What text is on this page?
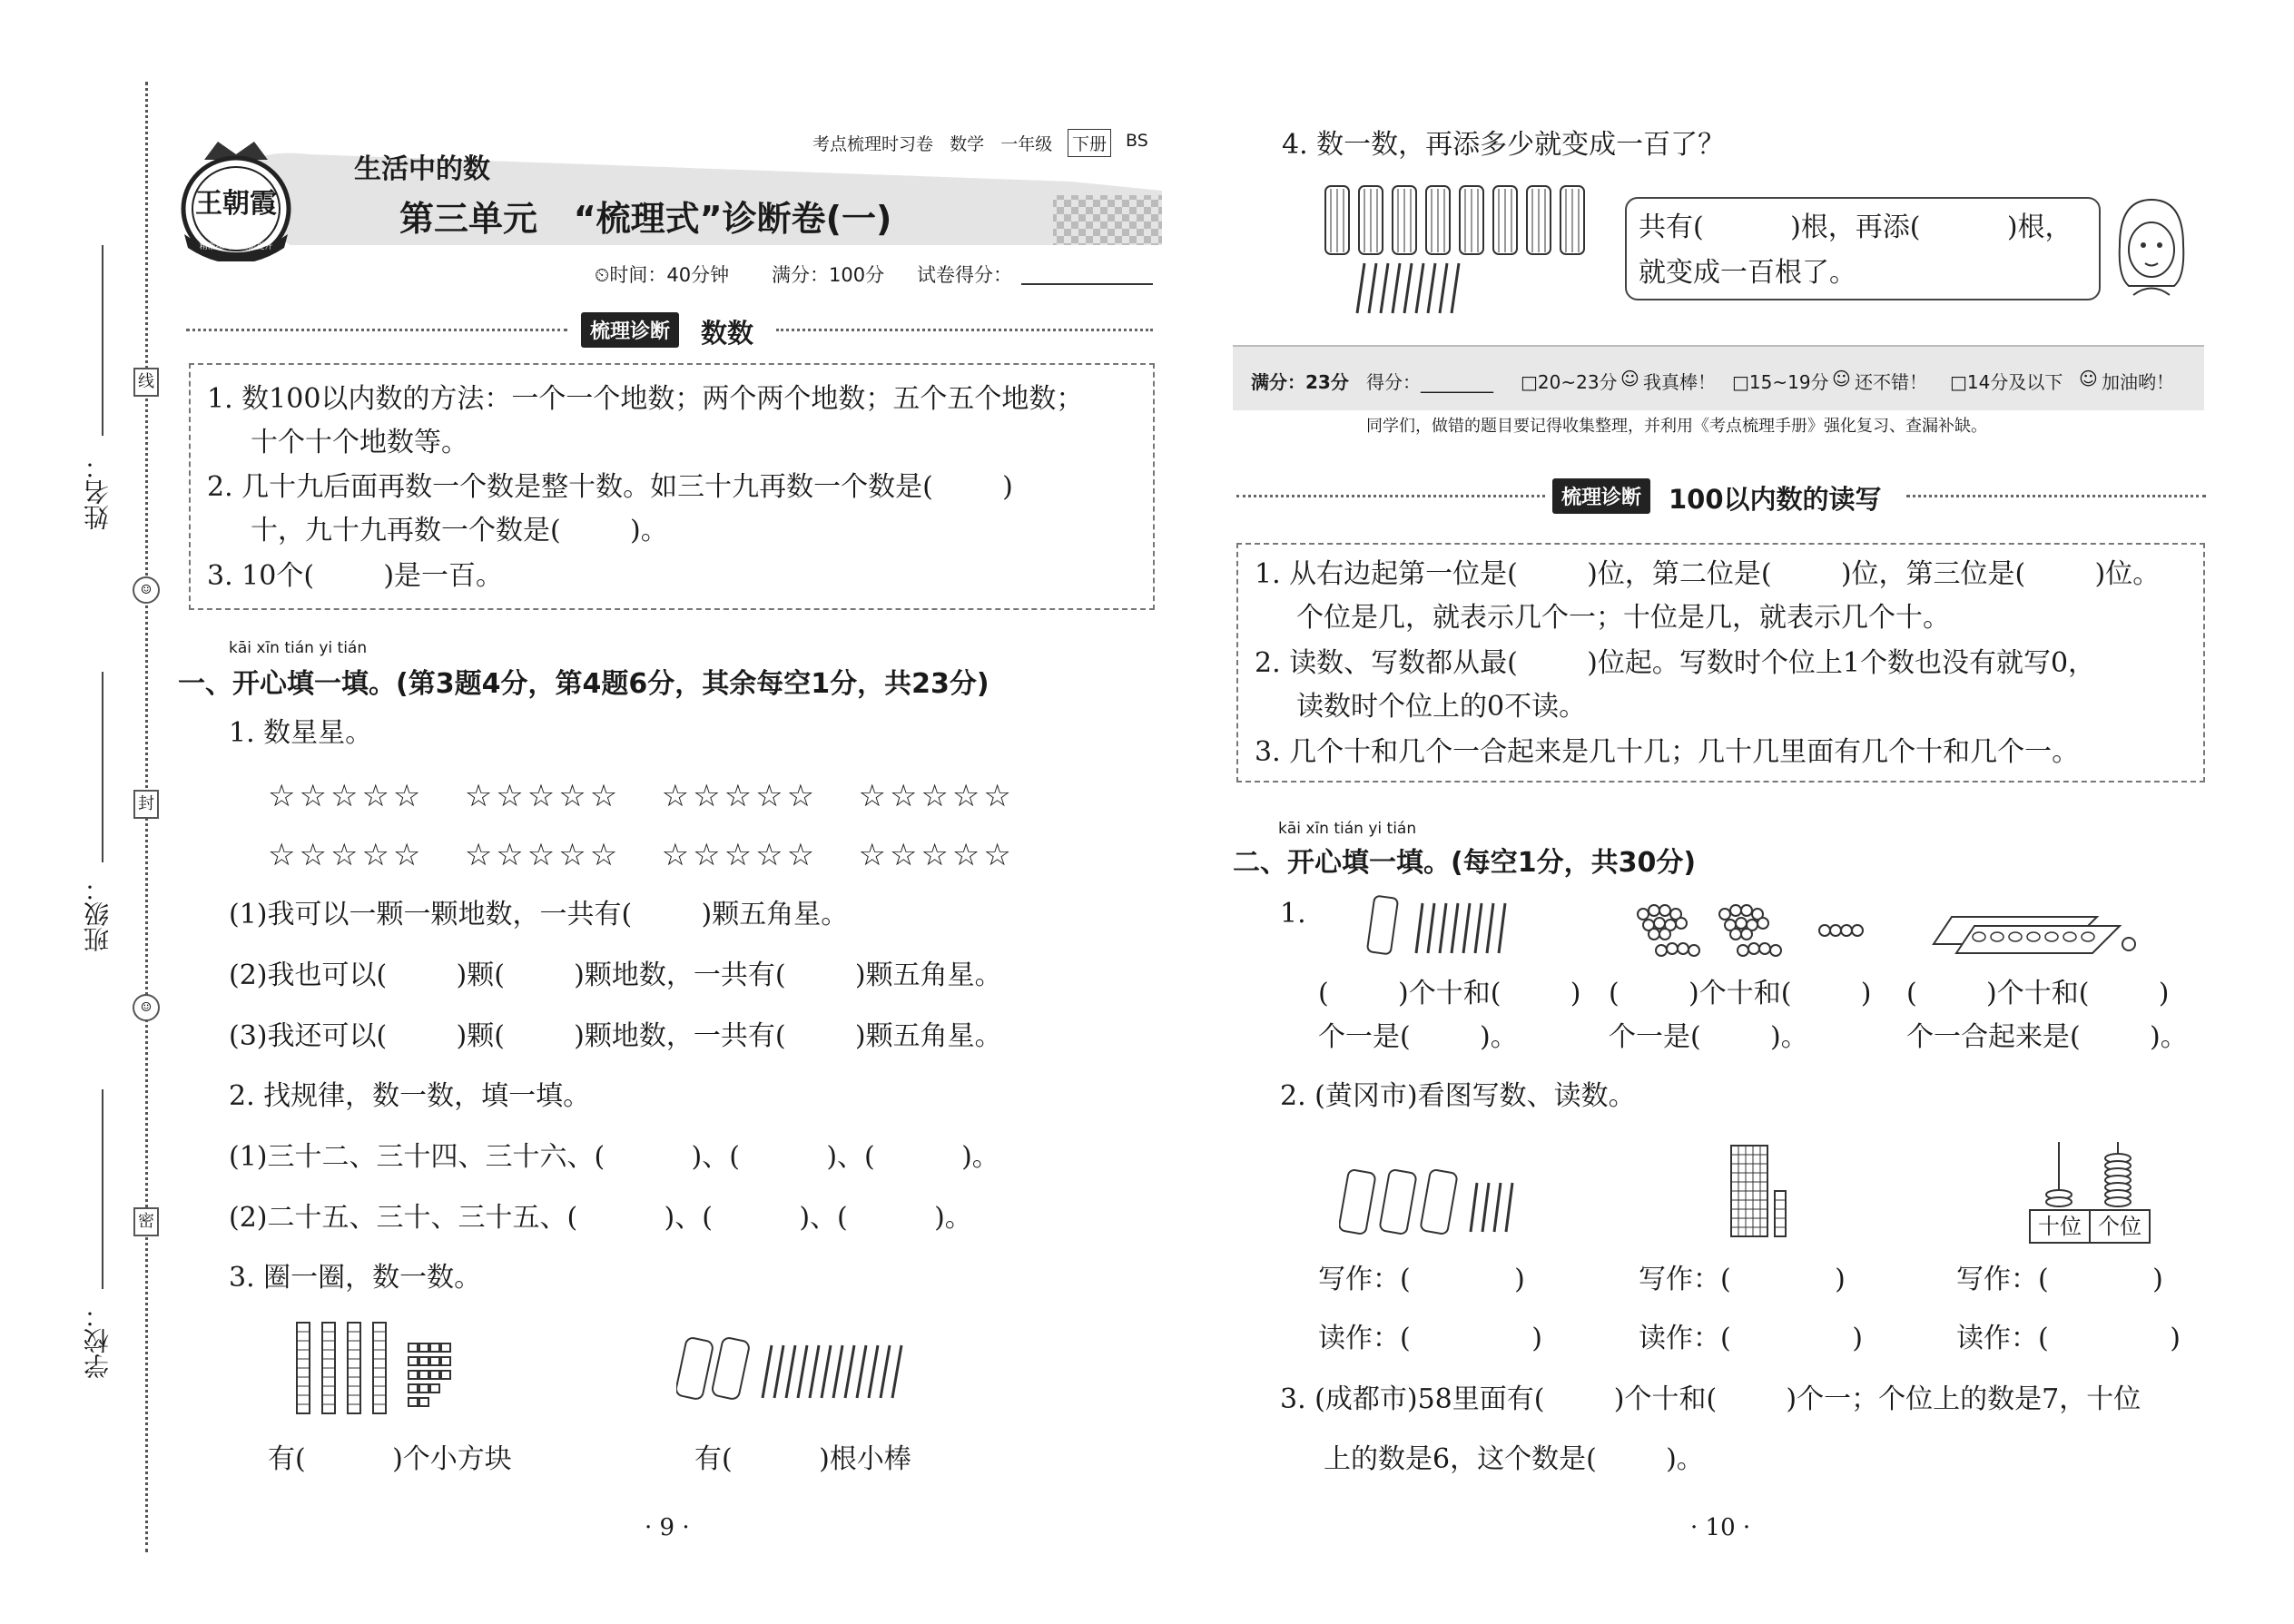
线
☺
封
☺
密
姓名：
班级：
学校：
王朝霞
精准练习 · 全面提升
生活中的数
考点梳理时习卷   数学   一年级 下册 BS
第三单元   “梳理式”诊断卷(一)
⏲时间：40分钟 满分：100分 试卷得分：
梳理诊断	数数
1. 数100以内数的方法：一个一个地数；两个两个地数；五个五个地数；
十个十个地数等。
2. 几十九后面再数一个数是整十数。如三十九再数一个数是(        )
十，九十九再数一个数是(        )。
3. 10个(        )是一百。
kāi xīn tián yi tián
一、开心填一填。(第3题4分，第4题6分，其余每空1分，共23分)
1. 数星星。
☆☆☆☆☆   ☆☆☆☆☆   ☆☆☆☆☆   ☆☆☆☆☆
☆☆☆☆☆   ☆☆☆☆☆   ☆☆☆☆☆   ☆☆☆☆☆
(1)我可以一颗一颗地数，一共有(        )颗五角星。
(2)我也可以(        )颗(        )颗地数，一共有(        )颗五角星。
(3)我还可以(        )颗(        )颗地数，一共有(        )颗五角星。
2. 找规律，数一数，填一填。
(1)三十二、三十四、三十六、(          )、(          )、(          )。
(2)二十五、三十、三十五、(          )、(          )、(          )。
3. 圈一圈，数一数。
有(          )个小方块	有(          )根小棒
· 9 ·
4. 数一数，再添多少就变成一百了？
共有(          )根，再添(          )根，
就变成一百根了。
满分：23分 得分：________ □20~23分 ☺ 我真棒！ □15~19分 ☺ 还不错！ □14分及以下 ☺ 加油哟！
同学们，做错的题目要记得收集整理，并利用《考点梳理手册》强化复习、查漏补缺。
梳理诊断	100以内数的读写
1. 从右边起第一位是(        )位，第二位是(        )位，第三位是(        )位。
个位是几，就表示几个一；十位是几，就表示几个十。
2. 读数、写数都从最(        )位起。写数时个位上1个数也没有就写0，
读数时个位上的0不读。
3. 几个十和几个一合起来是几十几；几十几里面有几个十和几个一。
kāi xīn tián yi tián
二、开心填一填。(每空1分，共30分)
1.
(        )个十和(        ) (        )个十和(        ) (        )个十和(        )
个一是(        )。	个一是(        )。	个一合起来是(        )。
2. (黄冈市)看图写数、读数。
十位 个位
写作：(            )	写作：(            )	写作：(            )
读作：(              )	读作：(              )	读作：(              )
3. (成都市)58里面有(        )个十和(        )个一；个位上的数是7，十位
上的数是6，这个数是(        )。
· 10 ·
